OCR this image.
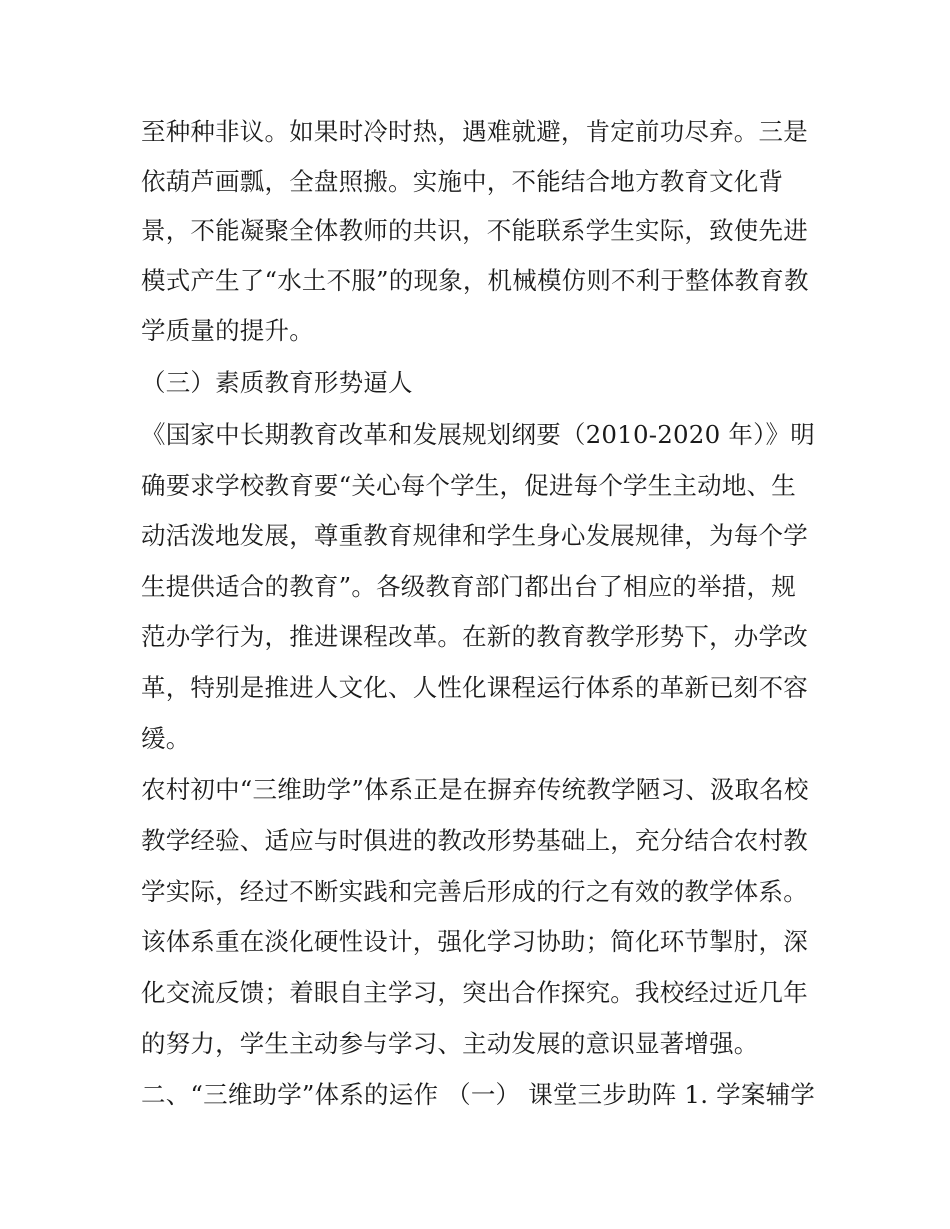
至种种非议。如果时冷时热，遇难就避，肯定前功尽弃。三是
依葫芦画瓢，全盘照搬。实施中，不能结合地方教育文化背
景，不能凝聚全体教师的共识，不能联系学生实际，致使先进
模式产生了“水土不服”的现象，机械模仿则不利于整体教育教
学质量的提升。
（三）素质教育形势逼人
《国家中长期教育改革和发展规划纲要（2010-2020 年）》明
确要求学校教育要“关心每个学生，促进每个学生主动地、生
动活泼地发展，尊重教育规律和学生身心发展规律，为每个学
生提供适合的教育”。各级教育部门都出台了相应的举措，规
范办学行为，推进课程改革。在新的教育教学形势下，办学改
革，特别是推进人文化、人性化课程运行体系的革新已刻不容
缓。
农村初中“三维助学”体系正是在摒弃传统教学陋习、汲取名校
教学经验、适应与时俱进的教改形势基础上，充分结合农村教
学实际，经过不断实践和完善后形成的行之有效的教学体系。
该体系重在淡化硬性设计，强化学习协助；简化环节掣肘，深
化交流反馈；着眼自主学习，突出合作探究。我校经过近几年
的努力，学生主动参与学习、主动发展的意识显著增强。
二、“三维助学”体系的运作 （一） 课堂三步助阵 1. 学案辅学
